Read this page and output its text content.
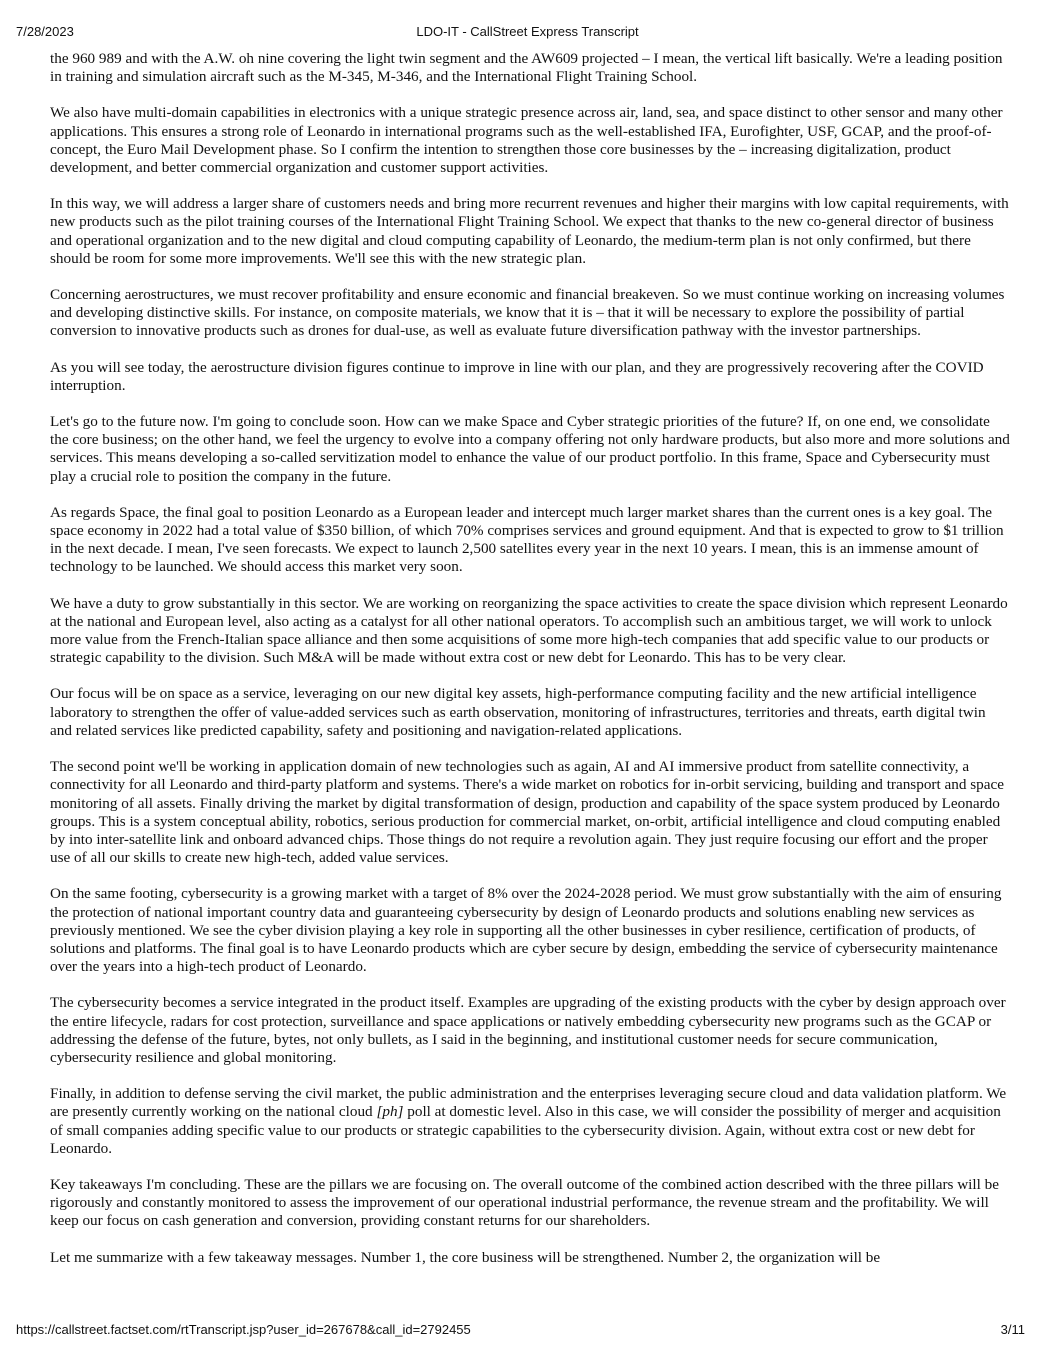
7/28/2023	LDO-IT - CallStreet Express Transcript

the 960 989 and with the A.W. oh nine covering the light twin segment and the AW609 projected – I mean, the vertical lift basically. We're a leading position in training and simulation aircraft such as the M-345, M-346, and the International Flight Training School.

We also have multi-domain capabilities in electronics with a unique strategic presence across air, land, sea, and space distinct to other sensor and many other applications. This ensures a strong role of Leonardo in international programs such as the well-established IFA, Eurofighter, USF, GCAP, and the proof-of-concept, the Euro Mail Development phase. So I confirm the intention to strengthen those core businesses by the – increasing digitalization, product development, and better commercial organization and customer support activities.

In this way, we will address a larger share of customers needs and bring more recurrent revenues and higher their margins with low capital requirements, with new products such as the pilot training courses of the International Flight Training School. We expect that thanks to the new co-general director of business and operational organization and to the new digital and cloud computing capability of Leonardo, the medium-term plan is not only confirmed, but there should be room for some more improvements. We'll see this with the new strategic plan.

Concerning aerostructures, we must recover profitability and ensure economic and financial breakeven. So we must continue working on increasing volumes and developing distinctive skills. For instance, on composite materials, we know that it is – that it will be necessary to explore the possibility of partial conversion to innovative products such as drones for dual-use, as well as evaluate future diversification pathway with the investor partnerships.

As you will see today, the aerostructure division figures continue to improve in line with our plan, and they are progressively recovering after the COVID interruption.

Let's go to the future now. I'm going to conclude soon. How can we make Space and Cyber strategic priorities of the future? If, on one end, we consolidate the core business; on the other hand, we feel the urgency to evolve into a company offering not only hardware products, but also more and more solutions and services. This means developing a so-called servitization model to enhance the value of our product portfolio. In this frame, Space and Cybersecurity must play a crucial role to position the company in the future.

As regards Space, the final goal to position Leonardo as a European leader and intercept much larger market shares than the current ones is a key goal. The space economy in 2022 had a total value of $350 billion, of which 70% comprises services and ground equipment. And that is expected to grow to $1 trillion in the next decade. I mean, I've seen forecasts. We expect to launch 2,500 satellites every year in the next 10 years. I mean, this is an immense amount of technology to be launched. We should access this market very soon.

We have a duty to grow substantially in this sector. We are working on reorganizing the space activities to create the space division which represent Leonardo at the national and European level, also acting as a catalyst for all other national operators. To accomplish such an ambitious target, we will work to unlock more value from the French-Italian space alliance and then some acquisitions of some more high-tech companies that add specific value to our products or strategic capability to the division. Such M&A will be made without extra cost or new debt for Leonardo. This has to be very clear.

Our focus will be on space as a service, leveraging on our new digital key assets, high-performance computing facility and the new artificial intelligence laboratory to strengthen the offer of value-added services such as earth observation, monitoring of infrastructures, territories and threats, earth digital twin and related services like predicted capability, safety and positioning and navigation-related applications.

The second point we'll be working in application domain of new technologies such as again, AI and AI immersive product from satellite connectivity, a connectivity for all Leonardo and third-party platform and systems. There's a wide market on robotics for in-orbit servicing, building and transport and space monitoring of all assets. Finally driving the market by digital transformation of design, production and capability of the space system produced by Leonardo groups. This is a system conceptual ability, robotics, serious production for commercial market, on-orbit, artificial intelligence and cloud computing enabled by into inter-satellite link and onboard advanced chips. Those things do not require a revolution again. They just require focusing our effort and the proper use of all our skills to create new high-tech, added value services.

On the same footing, cybersecurity is a growing market with a target of 8% over the 2024-2028 period. We must grow substantially with the aim of ensuring the protection of national important country data and guaranteeing cybersecurity by design of Leonardo products and solutions enabling new services as previously mentioned. We see the cyber division playing a key role in supporting all the other businesses in cyber resilience, certification of products, of solutions and platforms. The final goal is to have Leonardo products which are cyber secure by design, embedding the service of cybersecurity maintenance over the years into a high-tech product of Leonardo.

The cybersecurity becomes a service integrated in the product itself. Examples are upgrading of the existing products with the cyber by design approach over the entire lifecycle, radars for cost protection, surveillance and space applications or natively embedding cybersecurity new programs such as the GCAP or addressing the defense of the future, bytes, not only bullets, as I said in the beginning, and institutional customer needs for secure communication, cybersecurity resilience and global monitoring.

Finally, in addition to defense serving the civil market, the public administration and the enterprises leveraging secure cloud and data validation platform. We are presently currently working on the national cloud [ph] poll at domestic level. Also in this case, we will consider the possibility of merger and acquisition of small companies adding specific value to our products or strategic capabilities to the cybersecurity division. Again, without extra cost or new debt for Leonardo.

Key takeaways I'm concluding. These are the pillars we are focusing on. The overall outcome of the combined action described with the three pillars will be rigorously and constantly monitored to assess the improvement of our operational industrial performance, the revenue stream and the profitability. We will keep our focus on cash generation and conversion, providing constant returns for our shareholders.

Let me summarize with a few takeaway messages. Number 1, the core business will be strengthened. Number 2, the organization will be

https://callstreet.factset.com/rtTranscript.jsp?user_id=267678&call_id=2792455	3/11
